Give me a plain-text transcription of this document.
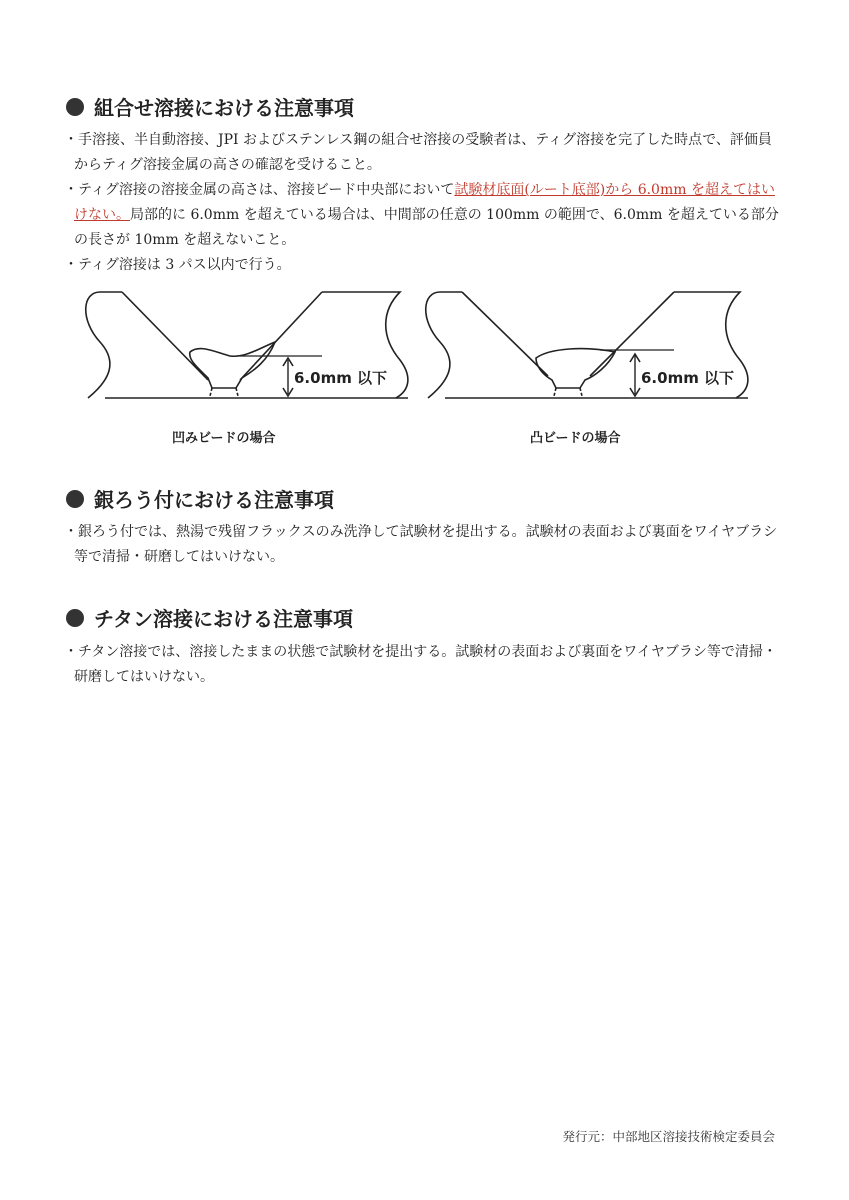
組合せ溶接における注意事項

・手溶接、半自動溶接、JPI およびステンレス鋼の組合せ溶接の受験者は、ティグ溶接を完了した時点で、評価員からティグ溶接金属の高さの確認を受けること。

・ティグ溶接の溶接金属の高さは、溶接ビード中央部において試験材底面(ルート底部)から 6.0mm を超えてはいけない。局部的に 6.0mm を超えている場合は、中間部の任意の 100mm の範囲で、6.0mm を超えている部分の長さが 10mm を超えないこと。

・ティグ溶接は 3 パス以内で行う。

6.0mm 以下	6.0mm 以下
凹みビードの場合	凸ビードの場合
銀ろう付における注意事項

・銀ろう付では、熱湯で残留フラックスのみ洗浄して試験材を提出する。試験材の表面および裏面をワイヤブラシ等で清掃・研磨してはいけない。

チタン溶接における注意事項

・チタン溶接では、溶接したままの状態で試験材を提出する。試験材の表面および裏面をワイヤブラシ等で清掃・研磨してはいけない。

発行元：中部地区溶接技術検定委員会
